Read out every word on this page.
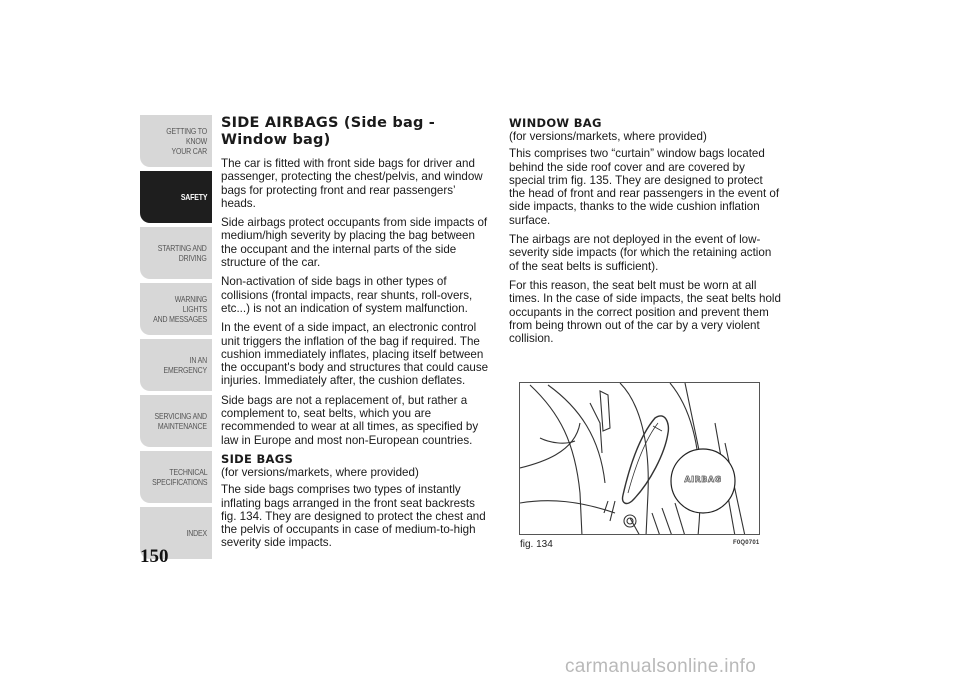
GETTING TO KNOW
YOUR CAR
SAFETY
STARTING AND
DRIVING
WARNING LIGHTS
AND MESSAGES
IN AN EMERGENCY
SERVICING AND
MAINTENANCE
TECHNICAL
SPECIFICATIONS
INDEX
150
SIDE AIRBAGS (Side bag - Window bag)

The car is fitted with front side bags for driver and passenger, protecting the chest/pelvis, and window bags for protecting front and rear passengers’ heads.

Side airbags protect occupants from side impacts of medium/high severity by placing the bag between the occupant and the internal parts of the side structure of the car.

Non-activation of side bags in other types of collisions (frontal impacts, rear shunts, roll-overs, etc...) is not an indication of system malfunction.

In the event of a side impact, an electronic control unit triggers the inflation of the bag if required. The cushion immediately inflates, placing itself between the occupant's body and structures that could cause injuries. Immediately after, the cushion deflates.

Side bags are not a replacement of, but rather a complement to, seat belts, which you are recommended to wear at all times, as specified by law in Europe and most non-European countries.

SIDE BAGS

(for versions/markets, where provided)

The side bags comprises two types of instantly inflating bags arranged in the front seat backrests fig. 134. They are designed to protect the chest and the pelvis of occupants in case of medium-to-high severity side impacts.

WINDOW BAG

(for versions/markets, where provided)

This comprises two “curtain” window bags located behind the side roof cover and are covered by special trim fig. 135. They are designed to protect the head of front and rear passengers in the event of side impacts, thanks to the wide cushion inflation surface.

The airbags are not deployed in the event of low-severity side impacts (for which the retaining action of the seat belts is sufficient).

For this reason, the seat belt must be worn at all times. In the case of side impacts, the seat belts hold occupants in the correct position and prevent them from being thrown out of the car by a very violent collision.

AIRBAG
fig. 134	F0Q0701
carmanualsonline.info
